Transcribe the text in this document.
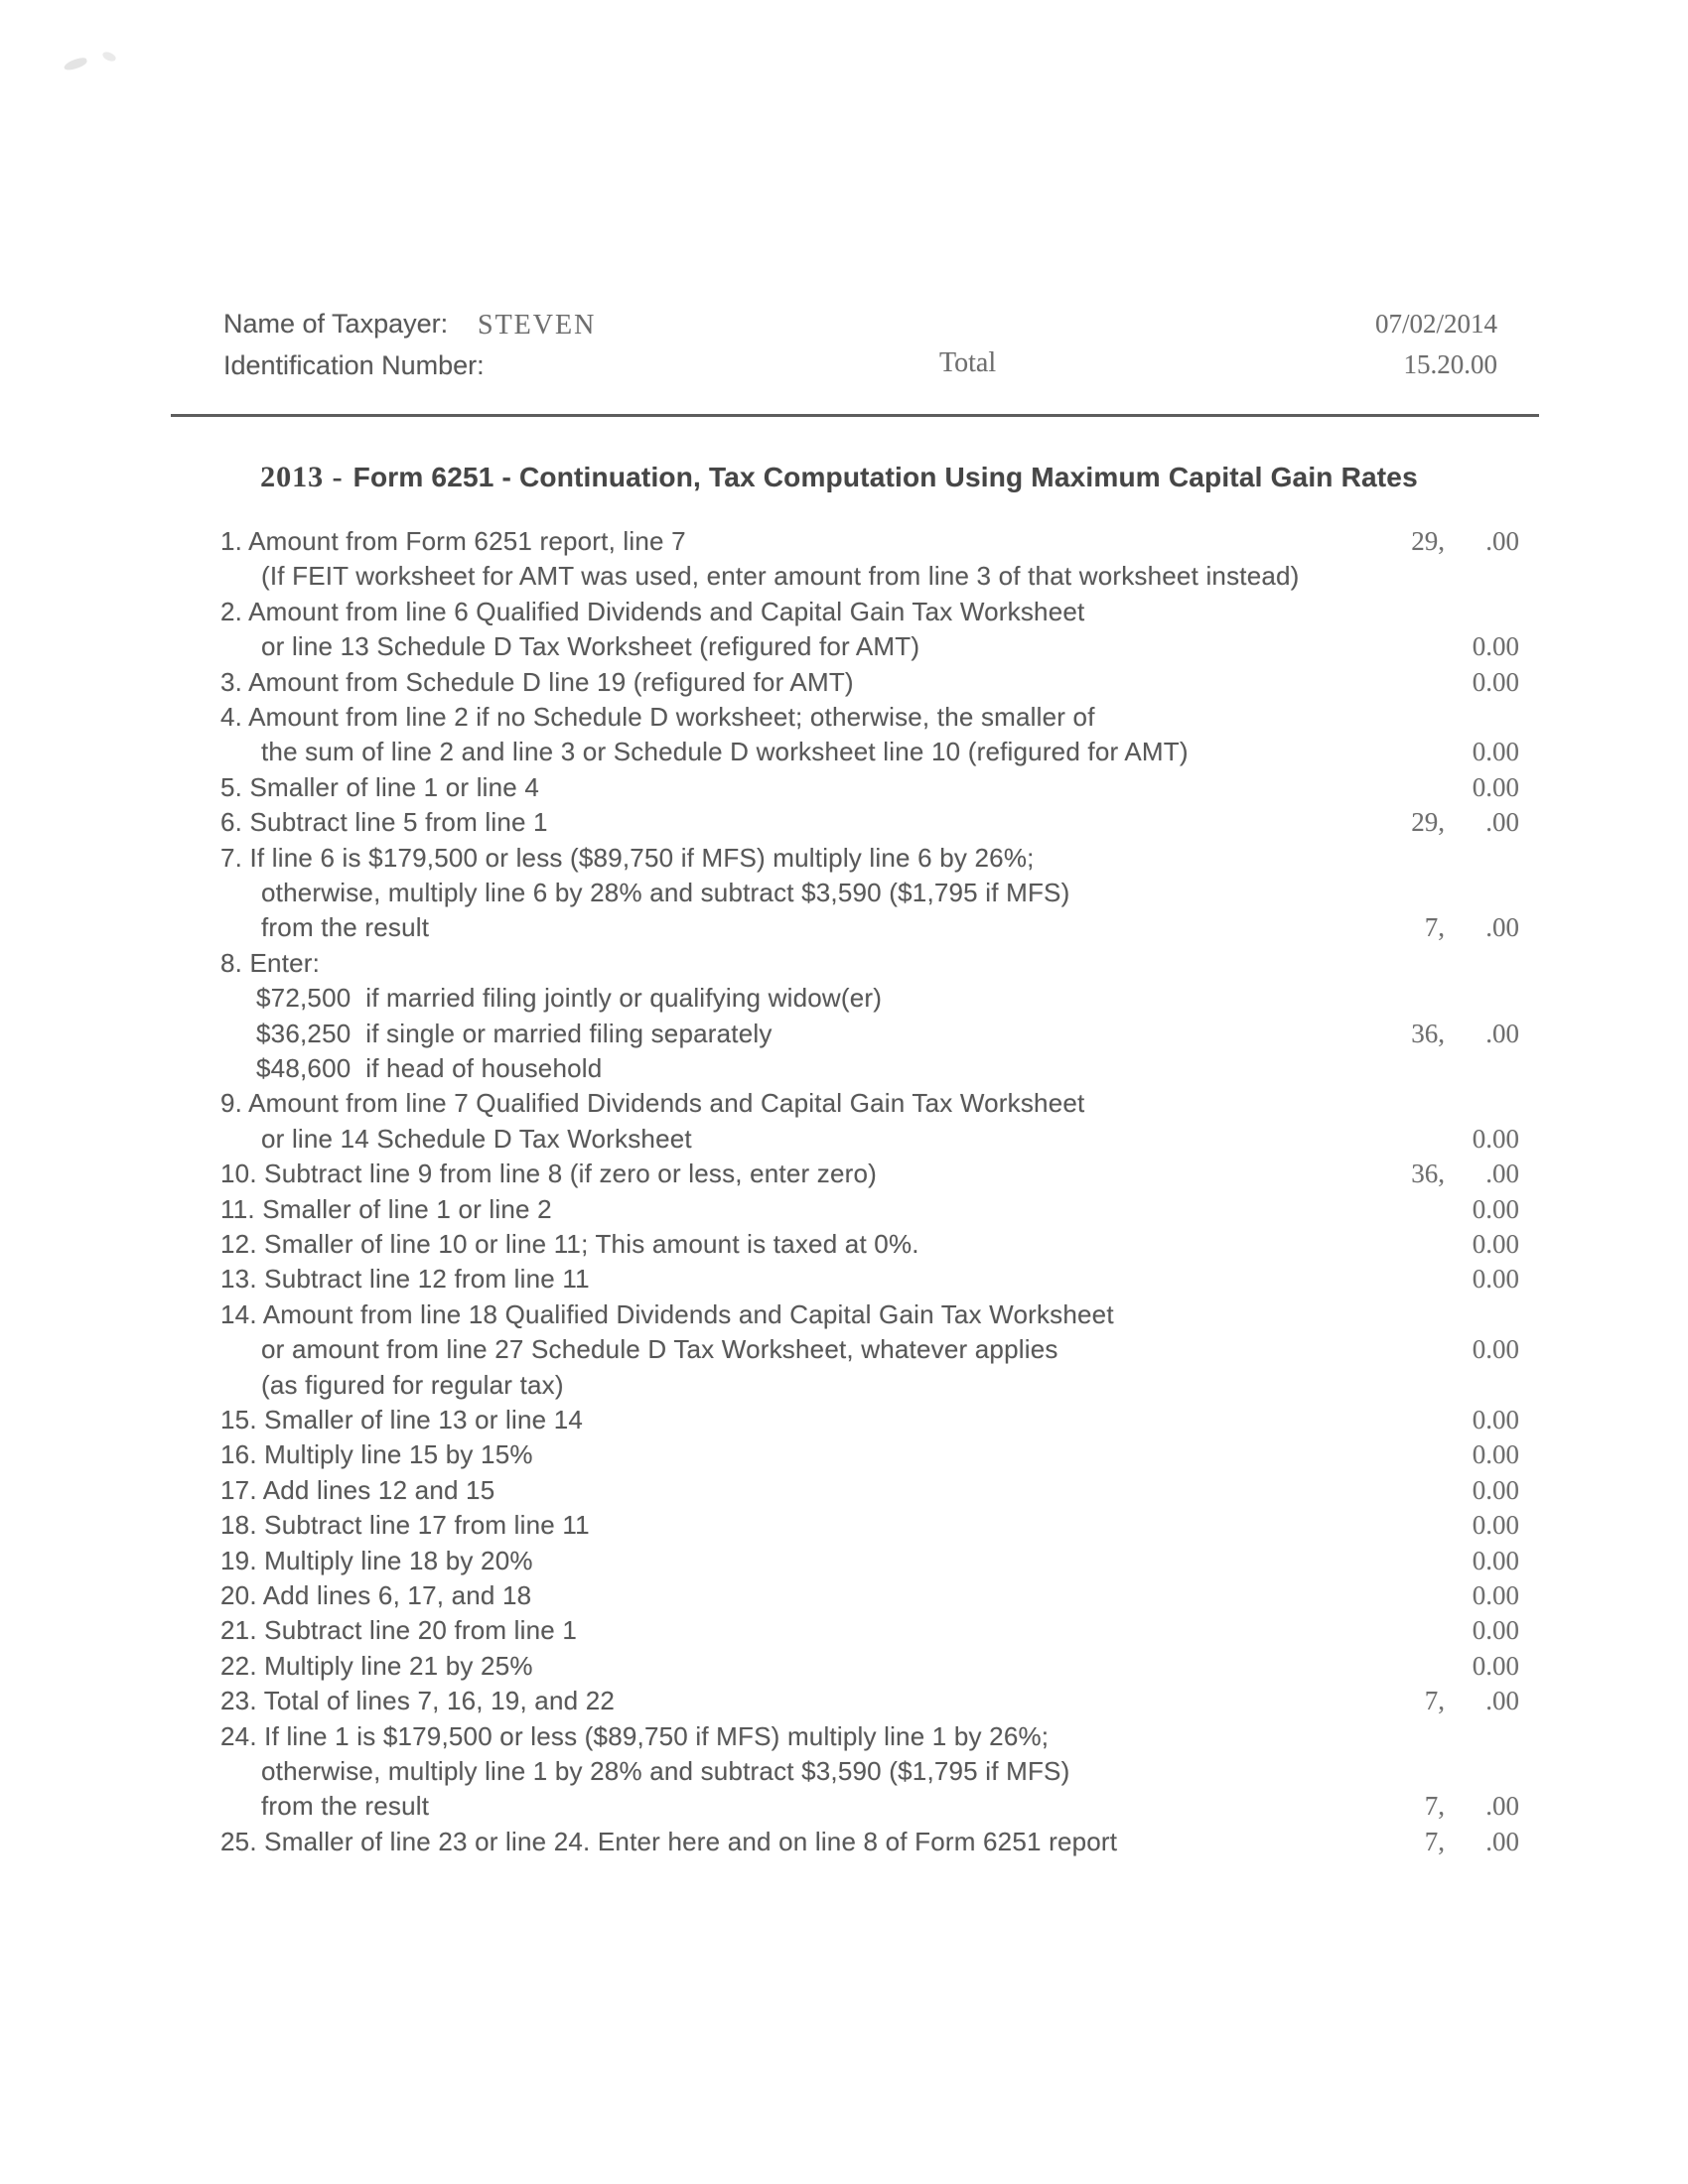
Name of Taxpayer: STEVEN	07/02/2014
Identification Number:	Total	15.20.00
2013 - Form 6251 - Continuation, Tax Computation Using Maximum Capital Gain Rates
1. Amount from Form 6251 report, line 7	29, .00
(If FEIT worksheet for AMT was used, enter amount from line 3 of that worksheet instead)
2. Amount from line 6 Qualified Dividends and Capital Gain Tax Worksheet
or line 13 Schedule D Tax Worksheet (refigured for AMT)	0.00
3. Amount from Schedule D line 19 (refigured for AMT)	0.00
4. Amount from line 2 if no Schedule D worksheet; otherwise, the smaller of
the sum of line 2 and line 3 or Schedule D worksheet line 10 (refigured for AMT)	0.00
5. Smaller of line 1 or line 4	0.00
6. Subtract line 5 from line 1	29, .00
7. If line 6 is $179,500 or less ($89,750 if MFS) multiply line 6 by 26%;
otherwise, multiply line 6 by 28% and subtract $3,590 ($1,795 if MFS)
from the result	7, .00
8. Enter:
$72,500  if married filing jointly or qualifying widow(er)
$36,250  if single or married filing separately	36, .00
$48,600  if head of household
9. Amount from line 7 Qualified Dividends and Capital Gain Tax Worksheet
or line 14 Schedule D Tax Worksheet	0.00
10. Subtract line 9 from line 8 (if zero or less, enter zero)	36, .00
11. Smaller of line 1 or line 2	0.00
12. Smaller of line 10 or line 11; This amount is taxed at 0%.	0.00
13. Subtract line 12 from line 11	0.00
14. Amount from line 18 Qualified Dividends and Capital Gain Tax Worksheet
or amount from line 27 Schedule D Tax Worksheet, whatever applies	0.00
(as figured for regular tax)
15. Smaller of line 13 or line 14	0.00
16. Multiply line 15 by 15%	0.00
17. Add lines 12 and 15	0.00
18. Subtract line 17 from line 11	0.00
19. Multiply line 18 by 20%	0.00
20. Add lines 6, 17, and 18	0.00
21. Subtract line 20 from line 1	0.00
22. Multiply line 21 by 25%	0.00
23. Total of lines 7, 16, 19, and 22	7, .00
24. If line 1 is $179,500 or less ($89,750 if MFS) multiply line 1 by 26%;
otherwise, multiply line 1 by 28% and subtract $3,590 ($1,795 if MFS)
from the result	7, .00
25. Smaller of line 23 or line 24. Enter here and on line 8 of Form 6251 report	7, .00
